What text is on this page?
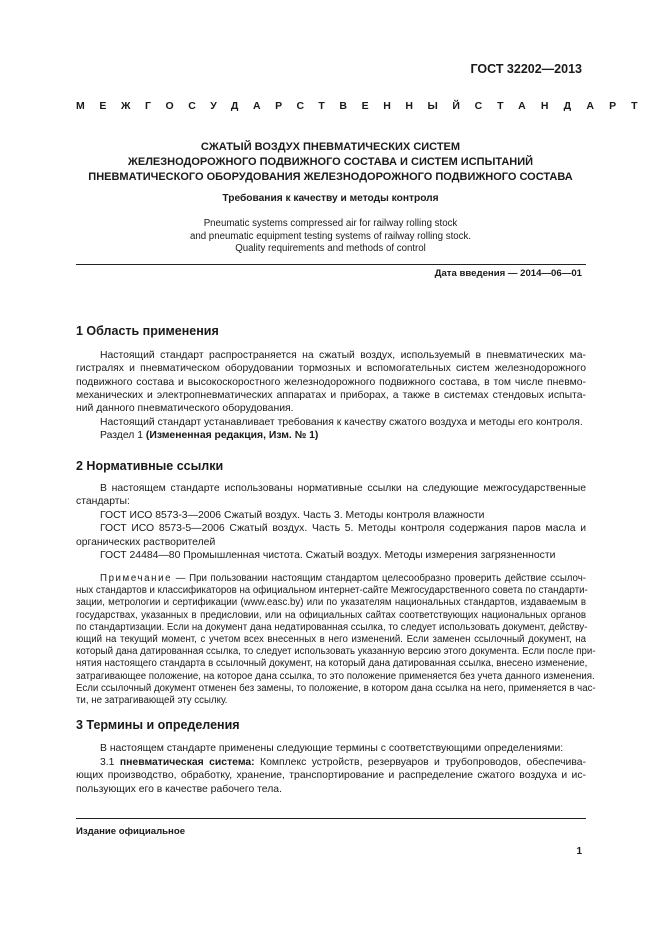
ГОСТ 32202—2013
МЕЖГОСУДАРСТВЕННЫЙ СТАНДАРТ
СЖАТЫЙ ВОЗДУХ ПНЕВМАТИЧЕСКИХ СИСТЕМ
ЖЕЛЕЗНОДОРОЖНОГО ПОДВИЖНОГО СОСТАВА И СИСТЕМ ИСПЫТАНИЙ
ПНЕВМАТИЧЕСКОГО ОБОРУДОВАНИЯ ЖЕЛЕЗНОДОРОЖНОГО ПОДВИЖНОГО СОСТАВА
Требования к качеству и методы контроля
Pneumatic systems compressed air for railway rolling stock
and pneumatic equipment testing systems of railway rolling stock.
Quality requirements and methods of control
Дата введения — 2014—06—01
1 Область применения
Настоящий стандарт распространяется на сжатый воздух, используемый в пневматических ма-
гистралях и пневматическом оборудовании тормозных и вспомогательных систем железнодорожного
подвижного состава и высокоскоростного железнодорожного подвижного состава, в том числе пневмо-
механических и электропневматических аппаратах и приборах, а также в системах стендовых испыта-
ний данного пневматического оборудования.
Настоящий стандарт устанавливает требования к качеству сжатого воздуха и методы его контроля.
Раздел 1 (Измененная редакция, Изм. № 1)
2 Нормативные ссылки
В настоящем стандарте использованы нормативные ссылки на следующие межгосударственные
стандарты:
ГОСТ ИСО 8573-3—2006 Сжатый воздух. Часть 3. Методы контроля влажности
ГОСТ ИСО 8573-5—2006 Сжатый воздух. Часть 5. Методы контроля содержания паров масла и
органических растворителей
ГОСТ 24484—80 Промышленная чистота. Сжатый воздух. Методы измерения загрязненности
Примечание — При пользовании настоящим стандартом целесообразно проверить действие ссылоч-
ных стандартов и классификаторов на официальном интернет-сайте Межгосударственного совета по стандарти-
зации, метрологии и сертификации (www.easc.by) или по указателям национальных стандартов, издаваемым в
государствах, указанных в предисловии, или на официальных сайтах соответствующих национальных органов
по стандартизации. Если на документ дана недатированная ссылка, то следует использовать документ, действу-
ющий на текущий момент, с учетом всех внесенных в него изменений. Если заменен ссылочный документ, на
который дана датированная ссылка, то следует использовать указанную версию этого документа. Если после при-
нятия настоящего стандарта в ссылочный документ, на который дана датированная ссылка, внесено изменение,
затрагивающее положение, на которое дана ссылка, то это положение применяется без учета данного изменения.
Если ссылочный документ отменен без замены, то положение, в котором дана ссылка на него, применяется в час-
ти, не затрагивающей эту ссылку.
3 Термины и определения
В настоящем стандарте применены следующие термины с соответствующими определениями:
3.1 пневматическая система: Комплекс устройств, резервуаров и трубопроводов, обеспечива-
ющих производство, обработку, хранение, транспортирование и распределение сжатого воздуха и ис-
пользующих его в качестве рабочего тела.
Издание официальное
1
